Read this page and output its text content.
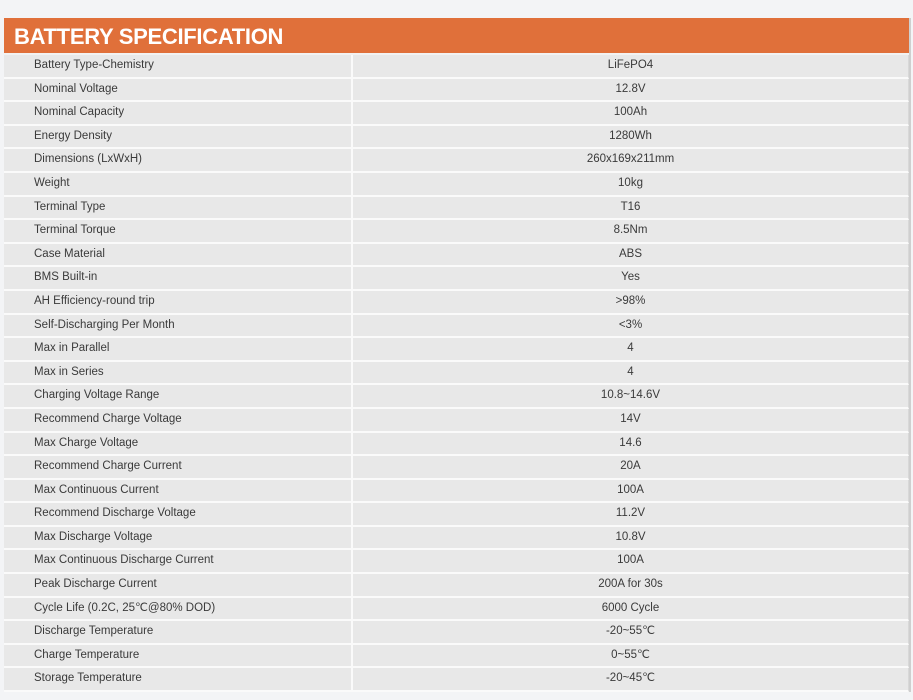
BATTERY SPECIFICATION
Battery Type-Chemistry	LiFePO4
Nominal Voltage	12.8V
Nominal Capacity	100Ah
Energy Density	1280Wh
Dimensions (LxWxH)	260x169x211mm
Weight	10kg
Terminal Type	T16
Terminal Torque	8.5Nm
Case Material	ABS
BMS Built-in	Yes
AH Efficiency-round trip	>98%
Self-Discharging Per Month	<3%
Max in Parallel	4
Max in Series	4
Charging Voltage Range	10.8~14.6V
Recommend Charge Voltage	14V
Max Charge Voltage	14.6
Recommend Charge Current	20A
Max Continuous Current	100A
Recommend Discharge Voltage	11.2V
Max Discharge Voltage	10.8V
Max Continuous Discharge Current	100A
Peak Discharge Current	200A for 30s
Cycle Life (0.2C, 25℃@80% DOD)	6000 Cycle
Discharge Temperature	-20~55℃
Charge Temperature	0~55℃
Storage Temperature	-20~45℃
